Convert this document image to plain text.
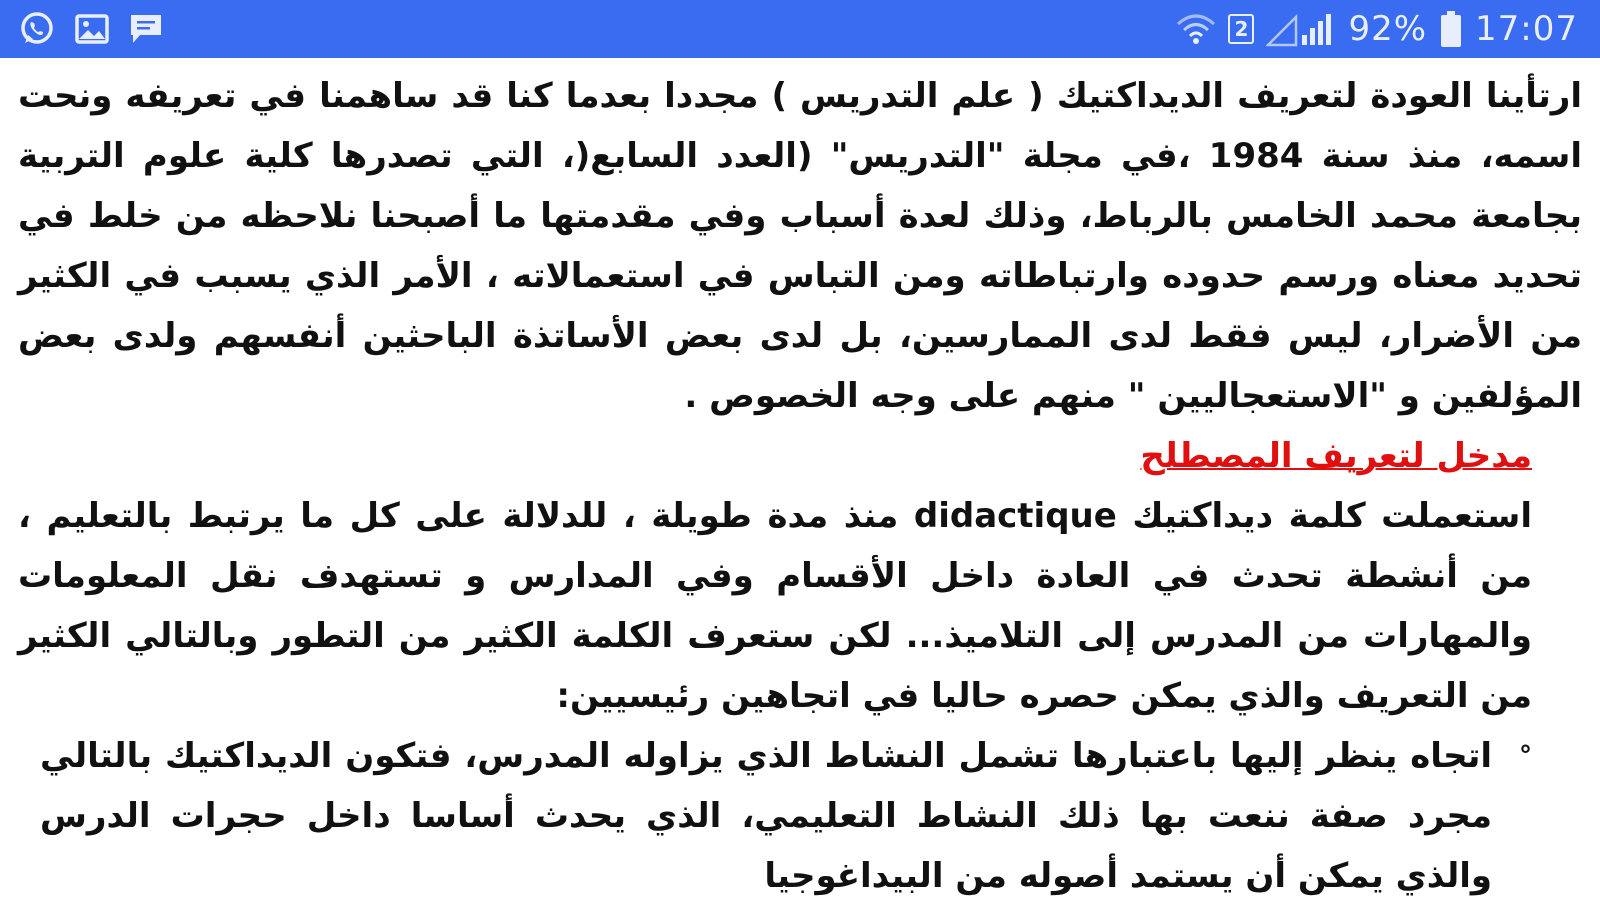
2	92% 17:07

ارتأينا العودة لتعريف الديداكتيك ( علم التدريس ) مجددا بعدما كنا قد ساهمنا في تعريفه ونحت اسمه، منذ سنة 1984 ،في مجلة "التدريس" (العدد السابع(، التي تصدرها كلية علوم التربية بجامعة محمد الخامس بالرباط، وذلك لعدة أسباب وفي مقدمتها ما أصبحنا نلاحظه من خلط في تحديد معناه ورسم حدوده وارتباطاته ومن التباس في استعمالاته ، الأمر الذي يسبب في الكثير من الأضرار، ليس فقط لدى الممارسين، بل لدى بعض الأساتذة الباحثين أنفسهم ولدى بعض المؤلفين و "الاستعجاليين " منهم على وجه الخصوص .

مدخل لتعريف المصطلح

استعملت كلمة ديداكتيك didactique منذ مدة طويلة ، للدلالة على كل ما يرتبط بالتعليم ، من أنشطة تحدث في العادة داخل الأقسام وفي المدارس و تستهدف نقل المعلومات والمهارات من المدرس إلى التلاميذ... لكن ستعرف الكلمة الكثير من التطور وبالتالي الكثير من التعريف والذي يمكن حصره حاليا في اتجاهين رئيسيين:

°
اتجاه ينظر إليها باعتبارها تشمل النشاط الذي يزاوله المدرس، فتكون الديداكتيك بالتالي مجرد صفة ننعت بها ذلك النشاط التعليمي، الذي يحدث أساسا داخل حجرات الدرس والذي يمكن أن يستمد أصوله من البيداغوجيا
